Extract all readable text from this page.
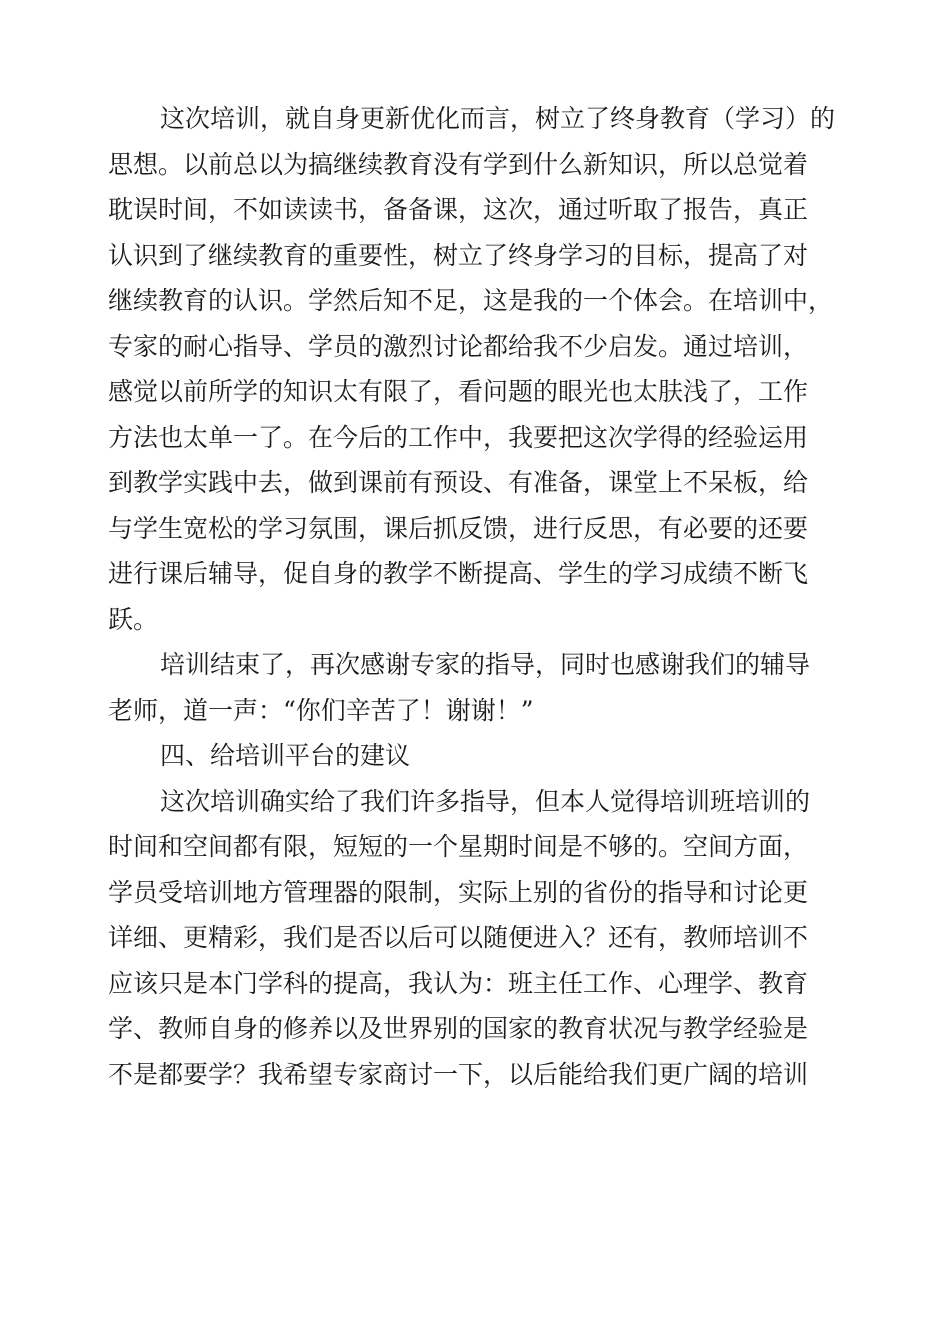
这次培训，就自身更新优化而言，树立了终身教育（学习）的
思想。以前总以为搞继续教育没有学到什么新知识，所以总觉着
耽误时间，不如读读书，备备课，这次，通过听取了报告，真正
认识到了继续教育的重要性，树立了终身学习的目标，提高了对
继续教育的认识。学然后知不足，这是我的一个体会。在培训中，
专家的耐心指导、学员的激烈讨论都给我不少启发。通过培训，
感觉以前所学的知识太有限了，看问题的眼光也太肤浅了，工作
方法也太单一了。在今后的工作中，我要把这次学得的经验运用
到教学实践中去，做到课前有预设、有准备，课堂上不呆板，给
与学生宽松的学习氛围，课后抓反馈，进行反思，有必要的还要
进行课后辅导，促自身的教学不断提高、学生的学习成绩不断飞
跃。
培训结束了，再次感谢专家的指导，同时也感谢我们的辅导
老师，道一声：“你们辛苦了！谢谢！”
四、给培训平台的建议
这次培训确实给了我们许多指导，但本人觉得培训班培训的
时间和空间都有限，短短的一个星期时间是不够的。空间方面，
学员受培训地方管理器的限制，实际上别的省份的指导和讨论更
详细、更精彩，我们是否以后可以随便进入？还有，教师培训不
应该只是本门学科的提高，我认为：班主任工作、心理学、教育
学、教师自身的修养以及世界别的国家的教育状况与教学经验是
不是都要学？我希望专家商讨一下，以后能给我们更广阔的培训
